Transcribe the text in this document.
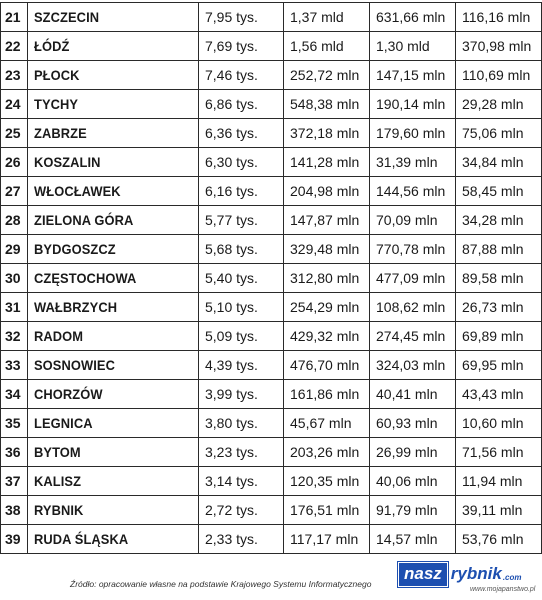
21	SZCZECIN	7,95 tys.	1,37 mld	631,66 mln	116,16 mln
22	ŁÓDŹ	7,69 tys.	1,56 mld	1,30 mld	370,98 mln
23	PŁOCK	7,46 tys.	252,72 mln	147,15 mln	110,69 mln
24	TYCHY	6,86 tys.	548,38 mln	190,14 mln	29,28 mln
25	ZABRZE	6,36 tys.	372,18 mln	179,60 mln	75,06 mln
26	KOSZALIN	6,30 tys.	141,28 mln	31,39 mln	34,84 mln
27	WŁOCŁAWEK	6,16 tys.	204,98 mln	144,56 mln	58,45 mln
28	ZIELONA GÓRA	5,77 tys.	147,87 mln	70,09 mln	34,28 mln
29	BYDGOSZCZ	5,68 tys.	329,48 mln	770,78 mln	87,88 mln
30	CZĘSTOCHOWA	5,40 tys.	312,80 mln	477,09 mln	89,58 mln
31	WAŁBRZYCH	5,10 tys.	254,29 mln	108,62 mln	26,73 mln
32	RADOM	5,09 tys.	429,32 mln	274,45 mln	69,89 mln
33	SOSNOWIEC	4,39 tys.	476,70 mln	324,03 mln	69,95 mln
34	CHORZÓW	3,99 tys.	161,86 mln	40,41 mln	43,43 mln
35	LEGNICA	3,80 tys.	45,67 mln	60,93 mln	10,60 mln
36	BYTOM	3,23 tys.	203,26 mln	26,99 mln	71,56 mln
37	KALISZ	3,14 tys.	120,35 mln	40,06 mln	11,94 mln
38	RYBNIK	2,72 tys.	176,51 mln	91,79 mln	39,11 mln
39	RUDA ŚLĄSKA	2,33 tys.	117,17 mln	14,57 mln	53,76 mln
Źródło: opracowanie własne na podstawie Krajowego Systemu Informatycznego
nasz rybnik .com
www.mojapanstwo.pl
